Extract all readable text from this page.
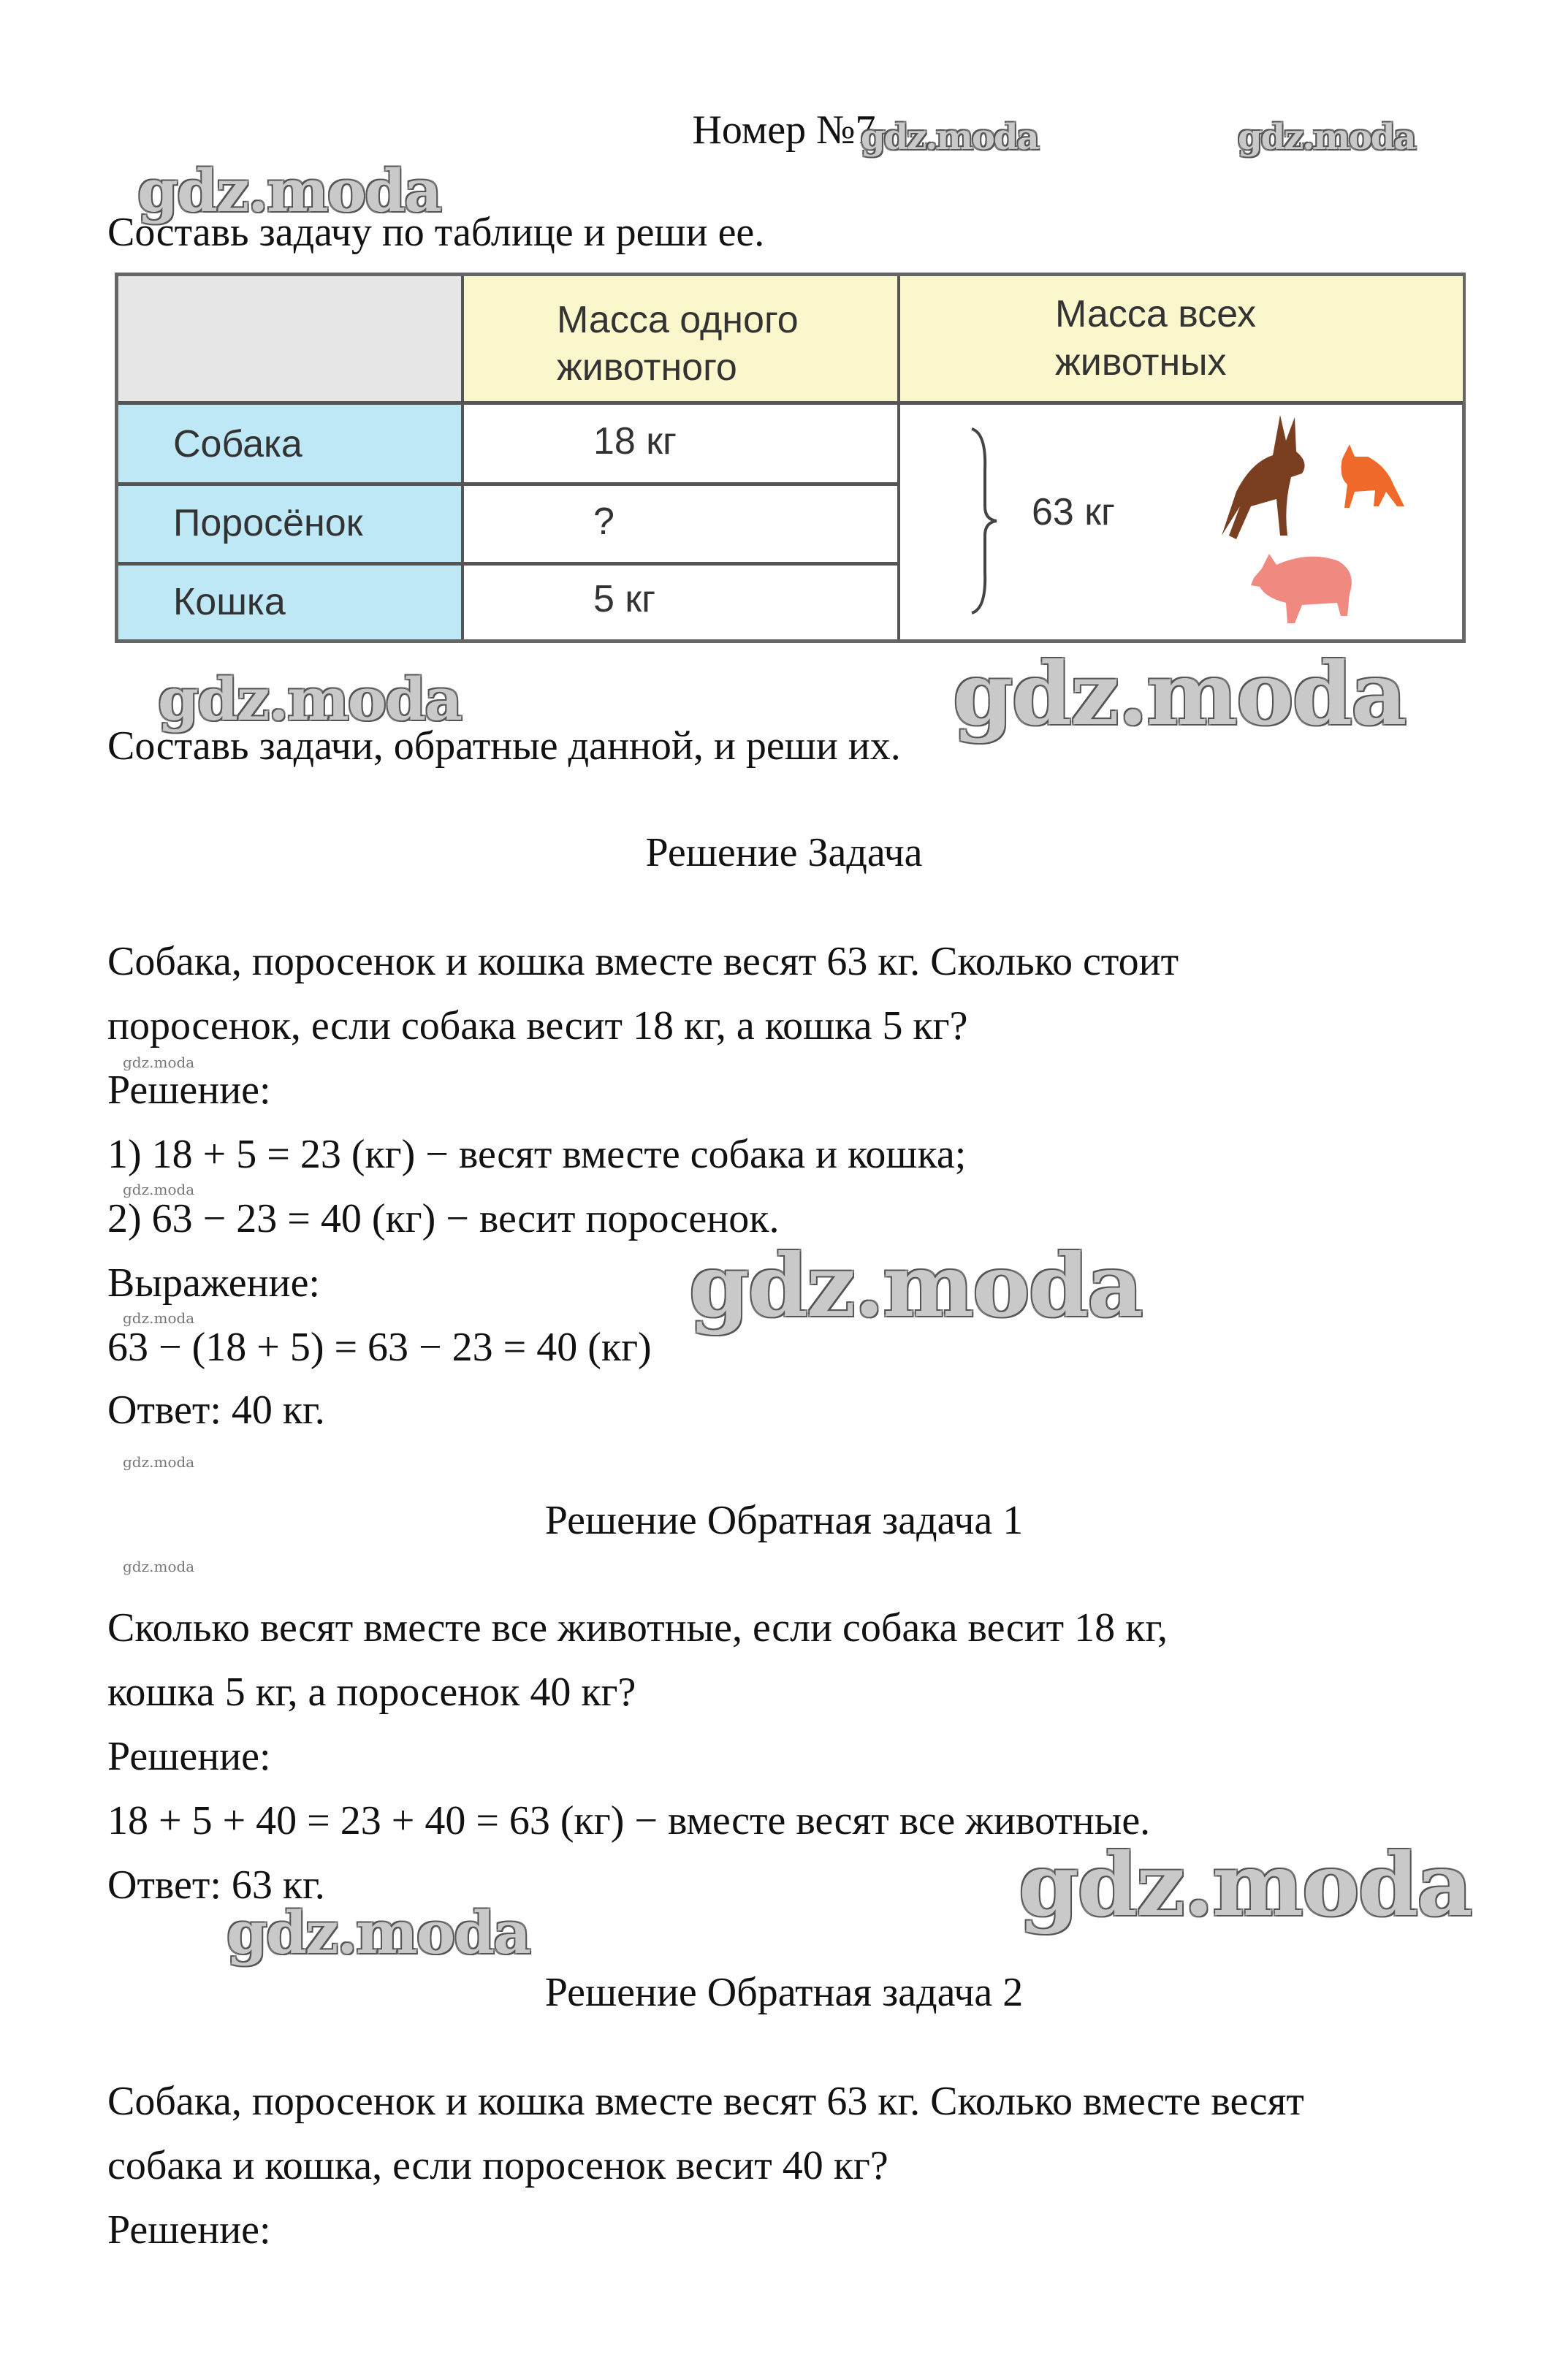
Номер №7
Составь задачу по таблице и реши ее.
Масса одного
животного
Масса всех
животных
Собака
Поросёнок
Кошка
18 кг
?
5 кг
63 кг
Составь задачи, обратные данной, и реши их.
Решение Задача
Собака, поросенок и кошка вместе весят 63 кг. Сколько стоит
поросенок, если собака весит 18 кг, а кошка 5 кг?
Решение:
1) 18 + 5 = 23 (кг) − весят вместе собака и кошка;
2) 63 − 23 = 40 (кг) − весит поросенок.
Выражение:
63 − (18 + 5) = 63 − 23 = 40 (кг)
Ответ: 40 кг.
Решение Обратная задача 1
Сколько весят вместе все животные, если собака весит 18 кг,
кошка 5 кг, а поросенок 40 кг?
Решение:
18 + 5 + 40 = 23 + 40 = 63 (кг) − вместе весят все животные.
Ответ: 63 кг.
Решение Обратная задача 2
Собака, поросенок и кошка вместе весят 63 кг. Сколько вместе весят
собака и кошка, если поросенок весит 40 кг?
Решение:
gdz.moda	gdz.moda
gdz.moda
gdz.moda	gdz.moda
gdz.moda
gdz.moda
gdz.moda
gdz.moda
gdz.moda
gdz.moda
gdz.moda
gdz.moda
